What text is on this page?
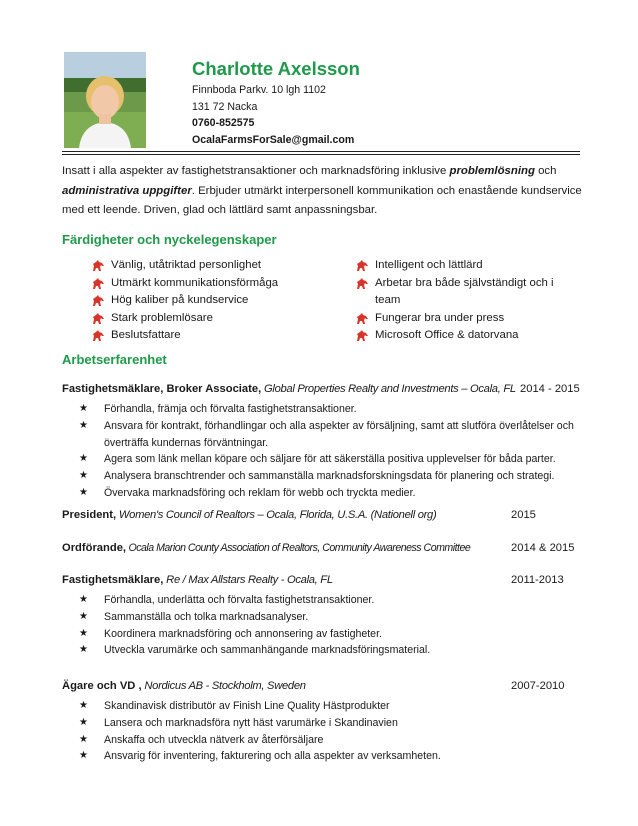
Charlotte Axelsson
Finnboda Parkv. 10 lgh 1102
131 72 Nacka
0760-852575
OcalaFarmsForSale@gmail.com
Insatt i alla aspekter av fastighetstransaktioner och marknadsföring inklusive problemlösning och administrativa uppgifter. Erbjuder utmärkt interpersonell kommunikation och enastående kundservice med ett leende. Driven, glad och lättlärd samt anpassningsbar.
Färdigheter och nyckelegenskaper
Vänlig, utåtriktad personlighet
Utmärkt kommunikationsförmåga
Hög kaliber på kundservice
Stark problemlösare
Beslutsfattare
Intelligent och lättlärd
Arbetar bra både självständigt och i team
Fungerar bra under press
Microsoft Office & datorvana
Arbetserfarenhet
Fastighetsmäklare, Broker Associate, Global Properties Realty and Investments – Ocala, FL 2014 - 2015
★ Förhandla, främja och förvalta fastighetstransaktioner.
★ Ansvara för kontrakt, förhandlingar och alla aspekter av försäljning, samt att slutföra överlåtelser och överträffa kundernas förväntningar.
★ Agera som länk mellan köpare och säljare för att säkerställa positiva upplevelser för båda parter.
★ Analysera branschtrender och sammanställa marknadsforskningsdata för planering och strategi.
★ Övervaka marknadsföring och reklam för webb och tryckta medier.
President, Women's Council of Realtors – Ocala, Florida, U.S.A. (Nationell org)	2015
Ordförande, Ocala Marion County Association of Realtors, Community Awareness Committee	2014 & 2015
Fastighetsmäklare, Re / Max Allstars Realty - Ocala, FL	2011-2013
★ Förhandla, underlätta och förvalta fastighetstransaktioner.
★ Sammanställa och tolka marknadsanalyser.
★ Koordinera marknadsföring och annonsering av fastigheter.
★ Utveckla varumärke och sammanhängande marknadsföringsmaterial.
Ägare och VD , Nordicus AB - Stockholm, Sweden	2007-2010
★ Skandinavisk distributör av Finish Line Quality Hästprodukter
★ Lansera och marknadsföra nytt häst varumärke i Skandinavien
★ Anskaffa och utveckla nätverk av återförsäljare
★ Ansvarig för inventering, fakturering och alla aspekter av verksamheten.
